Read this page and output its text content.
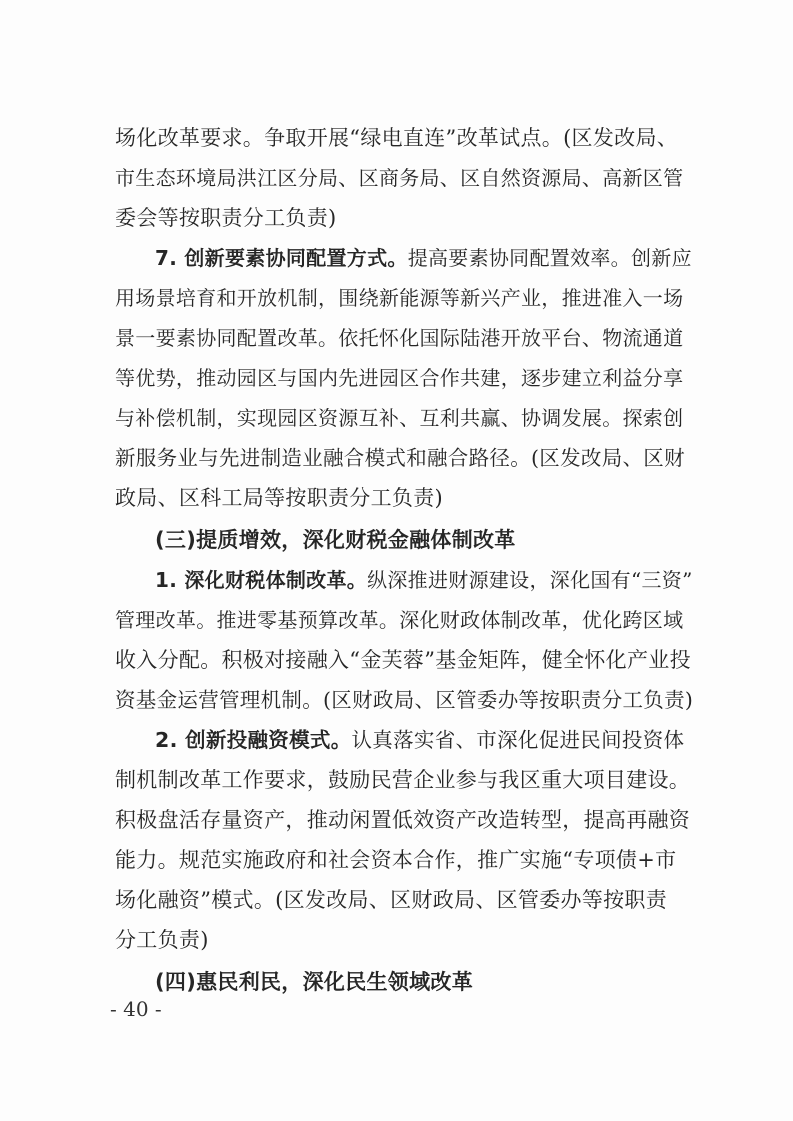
场化改革要求。争取开展“绿电直连”改革试点。(区发改局、
市生态环境局洪江区分局、区商务局、区自然资源局、高新区管
委会等按职责分工负责)
7. 创新要素协同配置方式。提高要素协同配置效率。创新应
用场景培育和开放机制，围绕新能源等新兴产业，推进准入一场
景一要素协同配置改革。依托怀化国际陆港开放平台、物流通道
等优势，推动园区与国内先进园区合作共建，逐步建立利益分享
与补偿机制，实现园区资源互补、互利共赢、协调发展。探索创
新服务业与先进制造业融合模式和融合路径。(区发改局、区财
政局、区科工局等按职责分工负责)
(三)提质增效，深化财税金融体制改革
1. 深化财税体制改革。纵深推进财源建设，深化国有“三资”
管理改革。推进零基预算改革。深化财政体制改革，优化跨区域
收入分配。积极对接融入“金芙蓉”基金矩阵，健全怀化产业投
资基金运营管理机制。(区财政局、区管委办等按职责分工负责)
2. 创新投融资模式。认真落实省、市深化促进民间投资体
制机制改革工作要求，鼓励民营企业参与我区重大项目建设。
积极盘活存量资产，推动闲置低效资产改造转型，提高再融资
能力。规范实施政府和社会资本合作，推广实施“专项债+市
场化融资”模式。(区发改局、区财政局、区管委办等按职责
分工负责)
(四)惠民利民，深化民生领域改革
- 40 -
